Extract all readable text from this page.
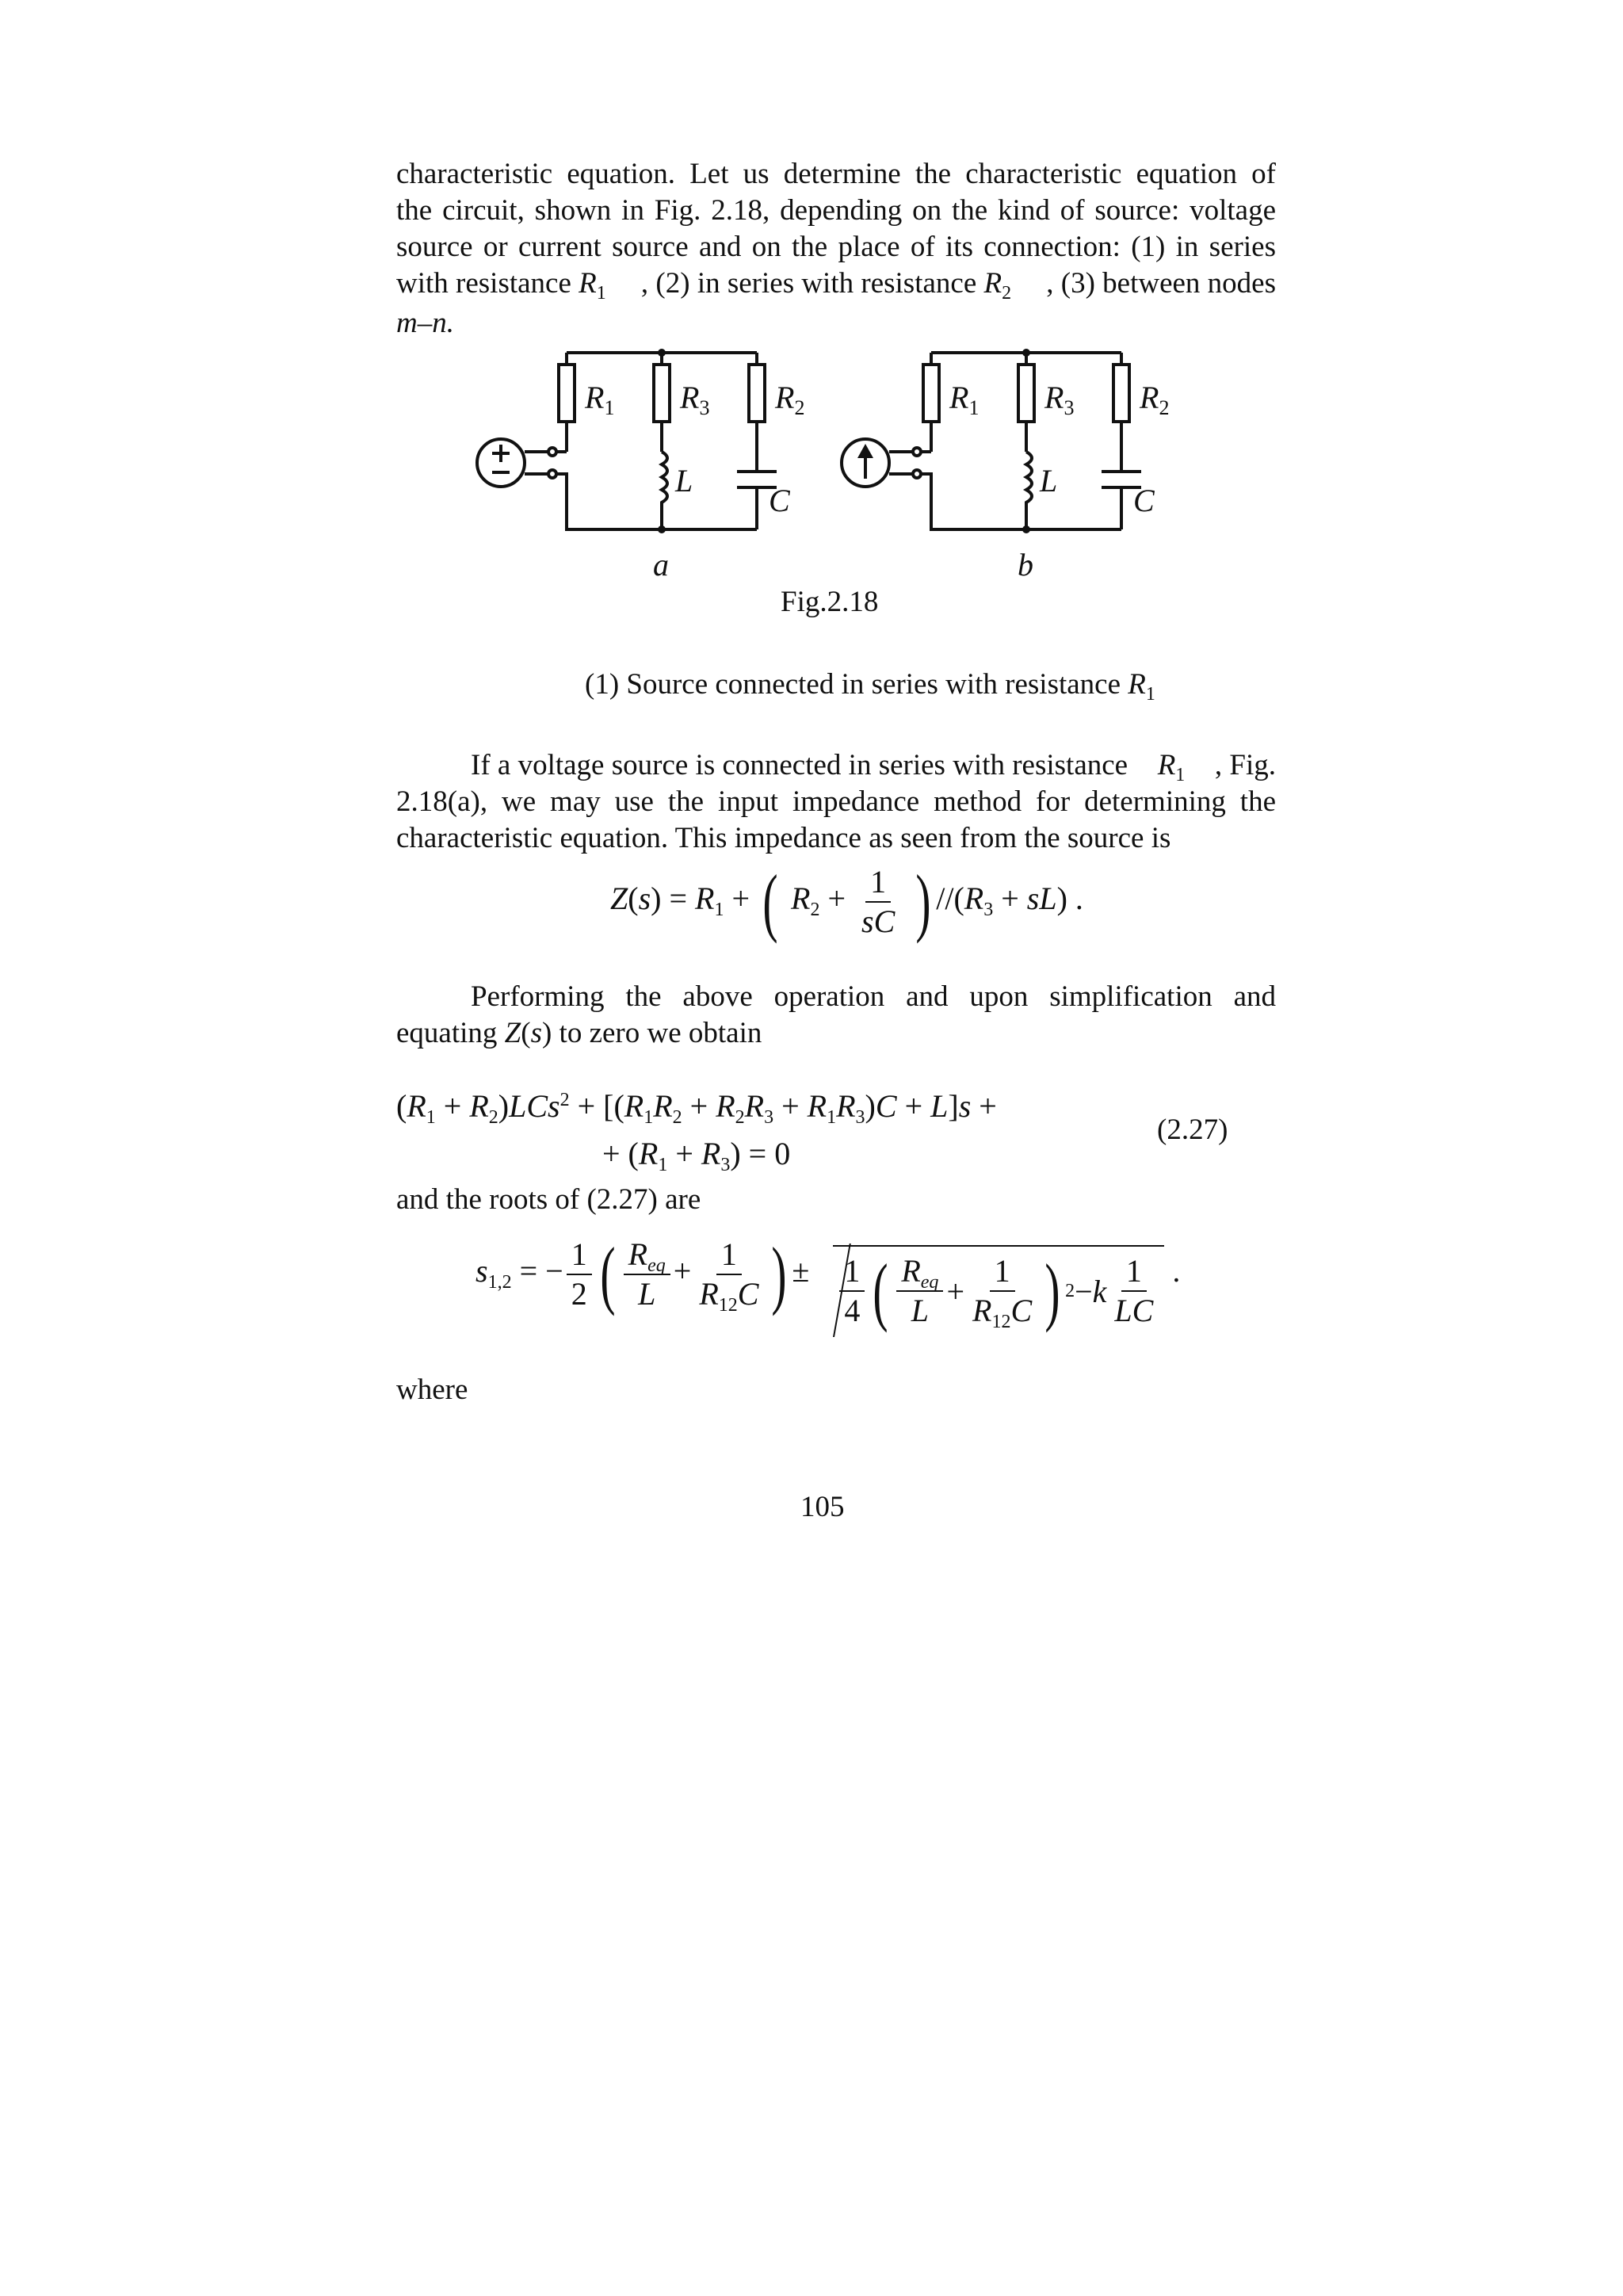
characteristic equation. Let us determine the characteristic equation of

the circuit, shown in Fig. 2.18, depending on the kind of source: voltage

source or current source and on the place of its connection: (1) in series

with resistance $R_1$ , (2) in series with resistance $R_2$ , (3) between nodes

m–n.

$R_1$ $R_3$ $R_2$
L
C
a
$R_1$ $R_3$ $R_2$
L
C
b
Fig.2.18
(1) Source connected in series with resistance $R_1$

If a voltage source is connected in series with resistance $R_1$ , Fig.

2.18(a), we may use the input impedance method for determining the

characteristic equation. This impedance as seen from the source is

$Z(s) = R_1$ + ( $R_2 + \frac{1}{sC}$ ) $//(R_3 + sL)$ .

Performing the above operation and upon simplification and

equating Z(s) to zero we obtain

$(R_1 + R_2)LCs^2 + [(R_1R_2 + R_2R_3 + R_1R_3)C + L]s$ +
+ $(R_1 + R_3) = 0$
(2.27)

and the roots of (2.27) are

$s_{1,2}$ = − $\frac{1}{2}$ ( $\frac{R_{eq}}{L} + \frac{1}{R_{12}C}$ ) ± $\frac{1}{4}$ ( $\frac{R_{eq}}{L} + \frac{1}{R_{12}C}$ ) 2 − k $\frac{1}{LC}$ .

where

105
